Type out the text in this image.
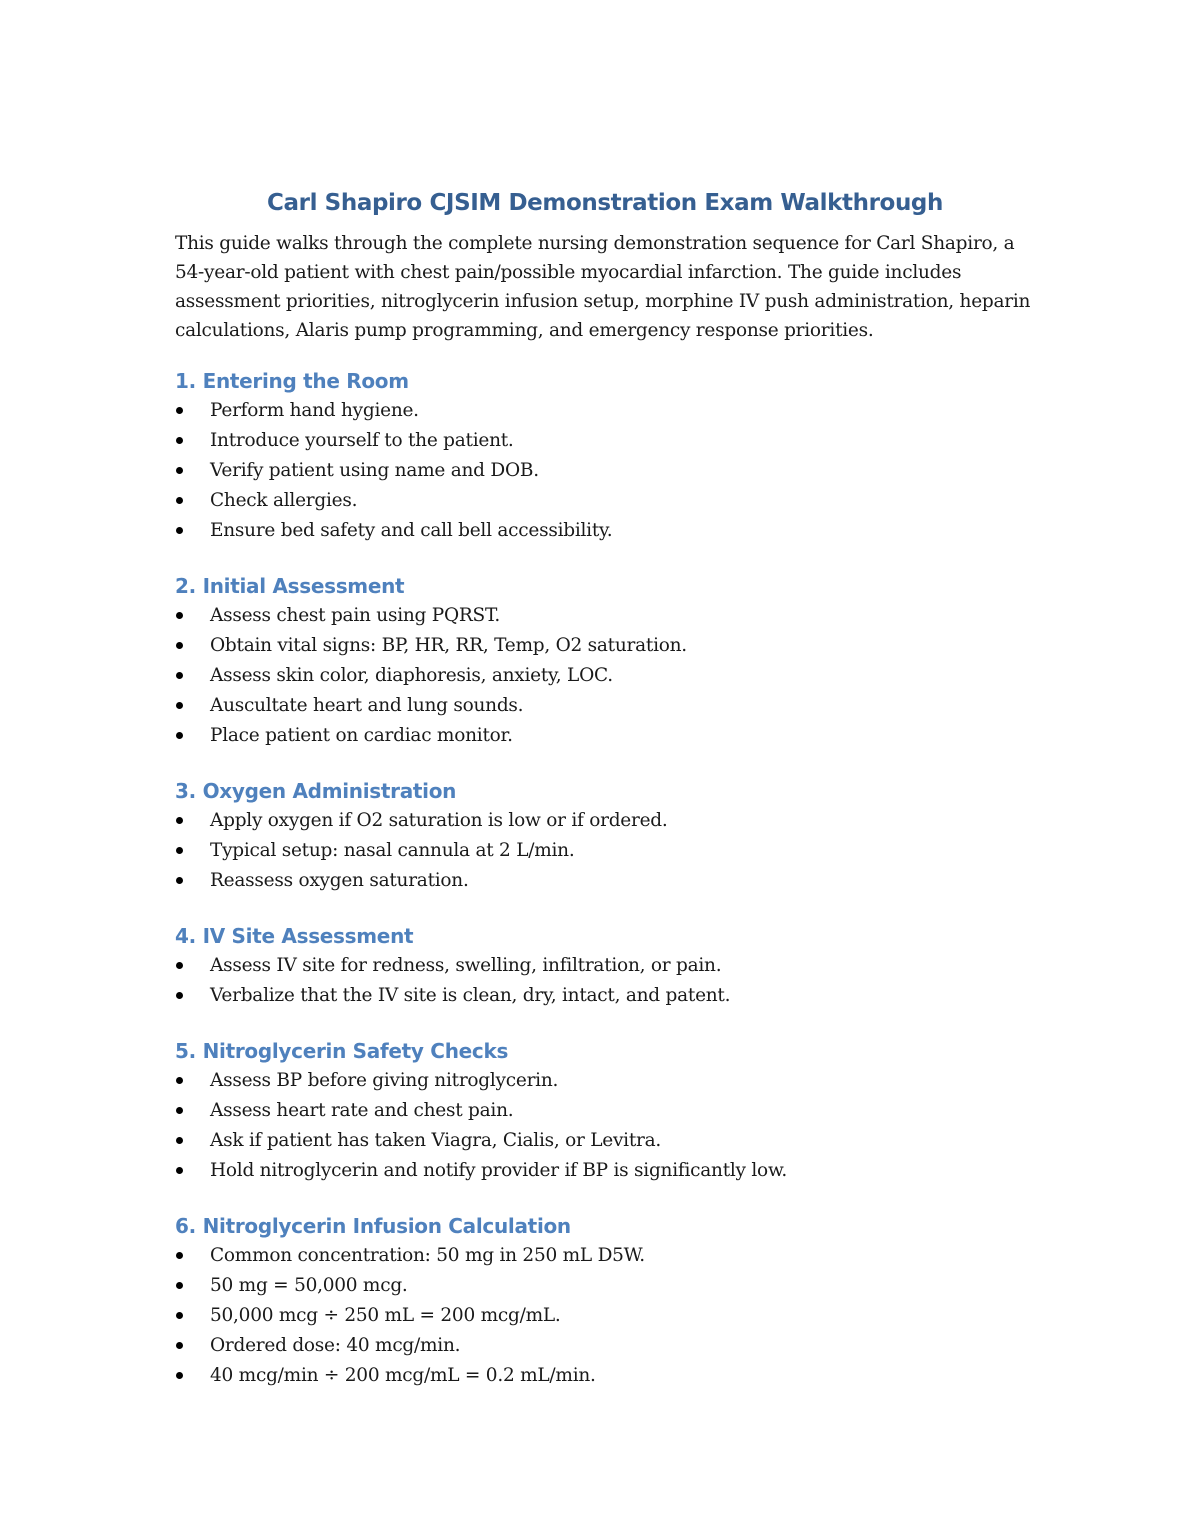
Carl Shapiro CJSIM Demonstration Exam Walkthrough

This guide walks through the complete nursing demonstration sequence for Carl Shapiro, a 54-year-old patient with chest pain/possible myocardial infarction. The guide includes assessment priorities, nitroglycerin infusion setup, morphine IV push administration, heparin calculations, Alaris pump programming, and emergency response priorities.

1. Entering the Room
Perform hand hygiene.
Introduce yourself to the patient.
Verify patient using name and DOB.
Check allergies.
Ensure bed safety and call bell accessibility.
2. Initial Assessment
Assess chest pain using PQRST.
Obtain vital signs: BP, HR, RR, Temp, O2 saturation.
Assess skin color, diaphoresis, anxiety, LOC.
Auscultate heart and lung sounds.
Place patient on cardiac monitor.
3. Oxygen Administration
Apply oxygen if O2 saturation is low or if ordered.
Typical setup: nasal cannula at 2 L/min.
Reassess oxygen saturation.
4. IV Site Assessment
Assess IV site for redness, swelling, infiltration, or pain.
Verbalize that the IV site is clean, dry, intact, and patent.
5. Nitroglycerin Safety Checks
Assess BP before giving nitroglycerin.
Assess heart rate and chest pain.
Ask if patient has taken Viagra, Cialis, or Levitra.
Hold nitroglycerin and notify provider if BP is significantly low.
6. Nitroglycerin Infusion Calculation
Common concentration: 50 mg in 250 mL D5W.
50 mg = 50,000 mcg.
50,000 mcg ÷ 250 mL = 200 mcg/mL.
Ordered dose: 40 mcg/min.
40 mcg/min ÷ 200 mcg/mL = 0.2 mL/min.
